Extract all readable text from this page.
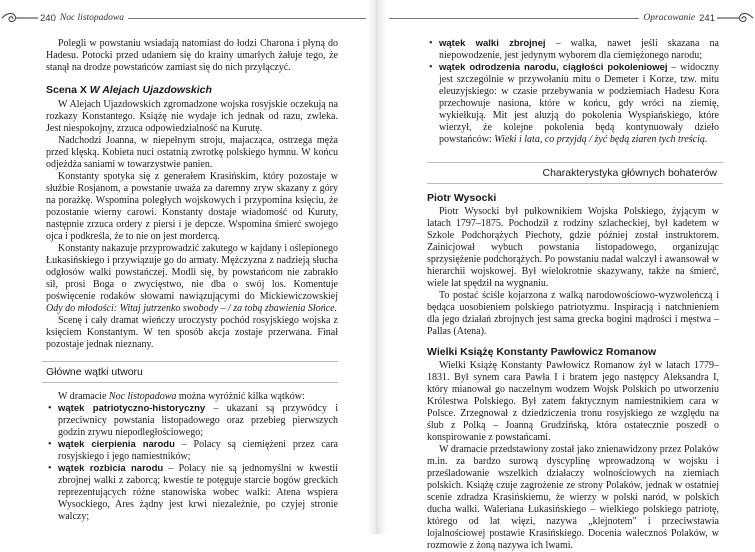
240 Noc listopadowa

Polegli w powstaniu wsiadają natomiast do łodzi Charona i płyną do Hadesu. Potocki przed udaniem się do krainy umarłych żałuje tego, że stanął na drodze powstańców zamiast się do nich przyłączyć.

Scena X W Alejach Ujazdowskich

W Alejach Ujazdowskich zgromadzone wojska rosyjskie oczekują na rozkazy Konstantego. Książę nie wydaje ich jednak od razu, zwleka. Jest niespokojny, zrzuca odpowiedzialność na Kurutę.

Nadchodzi Joanna, w niepełnym stroju, majacząca, ostrzega męża przed klęską. Kobieta nuci ostatnią zwrotkę polskiego hymnu. W końcu odjeżdża saniami w towarzystwie panien.

Konstanty spotyka się z generałem Krasińskim, który pozostaje w służbie Rosjanom, a powstanie uważa za daremny zryw skazany z góry na porażkę. Wspomina poległych wojskowych i przypomina księciu, że pozostanie wierny carowi. Konstanty dostaje wiadomość od Kuruty, następnie zrzuca ordery z piersi i je depcze. Wspomina śmierć swojego ojca i podkreśla, że to nie on jest mordercą.

Konstanty nakazuje przyprowadzić zakutego w kajdany i oślepionego Łukasińskiego i przywiązuje go do armaty. Mężczyzna z nadzieją słucha odgłosów walki powstańczej. Modli się, by powstańcom nie zabrakło sił, prosi Boga o zwycięstwo, nie dba o swój los. Komentuje poświęcenie rodaków słowami nawiązującymi do Mickiewiczowskiej Ody do młodości: Witaj jutrzenko swobody – / za tobą zbawienia Słońce.

Scenę i cały dramat wieńczy uroczysty pochód rosyjskiego wojska z księciem Konstantym. W ten sposób akcja zostaje przerwana. Finał pozostaje jednak nieznany.

Główne wątki utworu

W dramacie Noc listopadowa można wyróżnić kilka wątków:

• wątek patriotyczno-historyczny – ukazani są przywódcy i przeciwnicy powstania listopadowego oraz przebieg pierwszych godzin zrywu niepodległościowego;
• wątek cierpienia narodu – Polacy są ciemiężeni przez cara rosyjskiego i jego namiestników;
• wątek rozbicia narodu – Polacy nie są jednomyślni w kwestii zbrojnej walki z zaborcą; kwestie te potęguje starcie bogów greckich reprezentujących różne stanowiska wobec walki: Atena wspiera Wysockiego, Ares żądny jest krwi niezależnie, po czyjej stronie walczy;
Opracowanie 241
• wątek walki zbrojnej – walka, nawet jeśli skazana na niepowodzenie, jest jedynym wyborem dla ciemiężonego narodu;
• wątek odrodzenia narodu, ciągłości pokoleniowej – widoczny jest szczególnie w przywołaniu mitu o Demeter i Korze, tzw. mitu eleuzyjskiego: w czasie przebywania w podziemiach Hadesu Kora przechowuje nasiona, które w końcu, gdy wróci na ziemię, wykiełkują. Mit jest aluzją do pokolenia Wyspiańskiego, które wierzył, że kolejne pokolenia będą kontynuowały dzieło powstańców: Wieki i lata, co przyjdą / żyć będą ziaren tych treścią.
Charakterystyka głównych bohaterów
Piotr Wysocki

Piotr Wysocki był pułkownikiem Wojska Polskiego, żyjącym w latach 1797–1875. Pochodził z rodziny szlacheckiej, był kadetem w Szkole Podchorążych Piechoty, gdzie później został instruktorem. Zainicjował wybuch powstania listopadowego, organizując sprzysiężenie podchorążych. Po powstaniu nadal walczył i awansował w hierarchii wojskowej. Był wielokrotnie skazywany, także na śmierć, wiele lat spędził na wygnaniu.

To postać ściśle kojarzona z walką narodowościowo-wyzwoleńczą i będąca uosobieniem polskiego patriotyzmu. Inspiracją i natchnieniem dla jego działań zbrojnych jest sama grecka bogini mądrości i męstwa – Pallas (Atena).

Wielki Książę Konstanty Pawłowicz Romanow

Wielki Książę Konstanty Pawłowicz Romanow żył w latach 1779–1831. Był synem cara Pawła I i bratem jego następcy Aleksandra I, który mianował go naczelnym wodzem Wojsk Polskich po utworzeniu Królestwa Polskiego. Był zatem faktycznym namiestnikiem cara w Polsce. Zrzegnował z dziedziczenia tronu rosyjskiego ze względu na ślub z Polką – Joanną Grudzińską, która ostatecznie poszedł o konspirowanie z powstańcami.

W dramacie przedstawiony został jako znienawidzony przez Polaków m.in. za bardzo surową dyscyplinę wprowadzoną w wojsku i prześladowanie wszelkich działaczy wolnościowych na ziemiach polskich. Książę czuje zagrożenie ze strony Polaków, jednak w ostatniej scenie zdradza Krasińskiemu, że wierzy w polski naród, w polskich ducha walki. Waleriana Łukasińskiego – wielkiego polskiego patriotę, którego od lat więzi, nazywa „klejnotem" i przeciwstawia lojalnościowej postawie Krasińskiego. Docenia walecznoś Polaków, w rozmowie z żoną nazywa ich lwami.
